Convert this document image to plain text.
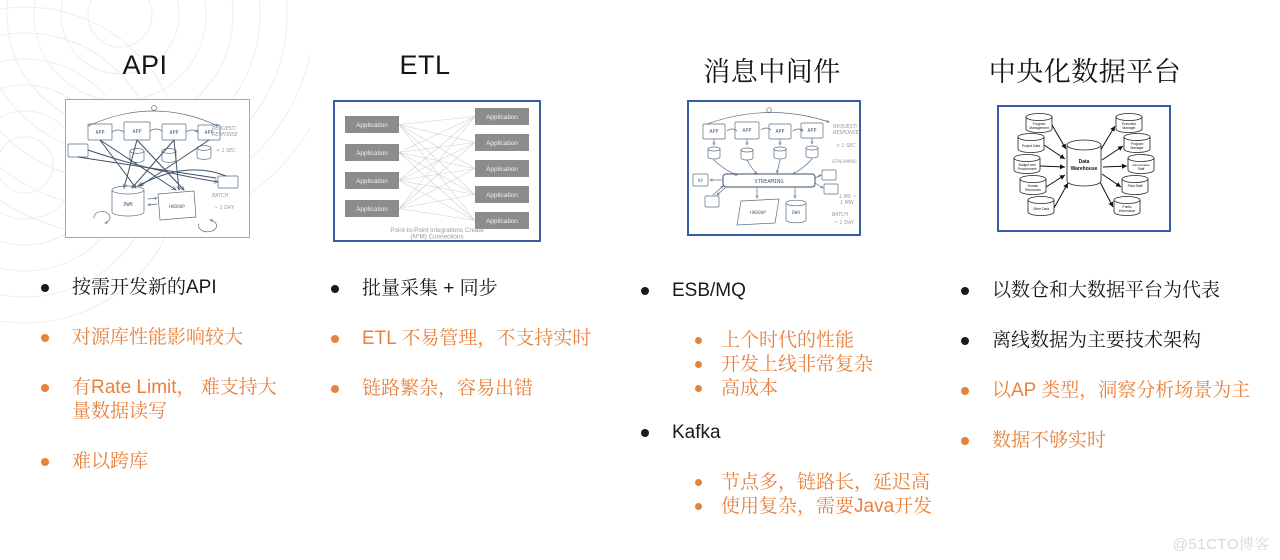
API	ETL	消息中间件	中央化数据平台
APP	APP	APP	APP
DWH	HADOOP
REQUEST/
RESPONSE
< 1 SEC
BATCH
~ 1 DAY
Application
Application
Application
Application
Application
Application
Application
Application
Application
Point-to-Point Integrations Create
(N*M) Connections
APP	APP	APP	APP
STREAMING
HADOOP	DWH
KV
REQUEST/
RESPONSE
< 1 SEC
STREAMING
1 MS ~
1 MIN
BATCH
~ 1 DAY
Data
Warehouse
Program
Management
Project Data
Budget and
Procurement
Human
Resources
Other Data
Executive
Manager
Program
Manager
Administrative
Staff
Field Staff
Public
Information
按需开发新的API
对源库性能影响较大
有Rate Limit， 难支持大量数据读写
难以跨库
批量采集 + 同步
ETL 不易管理，不支持实时
链路繁杂，容易出错
ESB/MQ
上个时代的性能
开发上线非常复杂
高成本
Kafka
节点多，链路长，延迟高
使用复杂，需要Java开发
以数仓和大数据平台为代表
离线数据为主要技术架构
以AP 类型，洞察分析场景为主
数据不够实时
@51CTO博客
